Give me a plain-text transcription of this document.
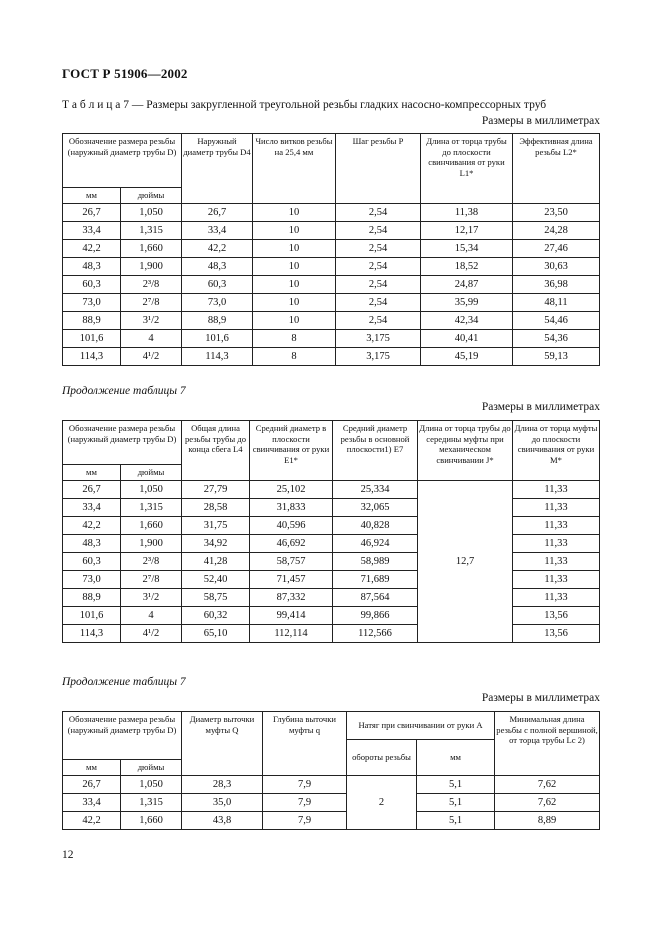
ГОСТ Р 51906—2002
Т а б л и ц а 7 — Размеры закругленной треугольной резьбы гладких насосно-компрессорных труб
Размеры в миллиметрах
Обозначение размера резьбы (наружный диаметр трубы D)		Наружный диаметр трубы D4	Число витков резьбы на 25,4 мм	Шаг резьбы P	Длина от торца трубы до плоскости свинчивания от руки L1*	Эффективная длина резьбы L2*
мм	дюймы					
26,7	1,050	26,7	10	2,54	11,38	23,50
33,4	1,315	33,4	10	2,54	12,17	24,28
42,2	1,660	42,2	10	2,54	15,34	27,46
48,3	1,900	48,3	10	2,54	18,52	30,63
60,3	2³/8	60,3	10	2,54	24,87	36,98
73,0	2⁷/8	73,0	10	2,54	35,99	48,11
88,9	3¹/2	88,9	10	2,54	42,34	54,46
101,6	4	101,6	8	3,175	40,41	54,36
114,3	4¹/2	114,3	8	3,175	45,19	59,13
Продолжение таблицы 7
Размеры в миллиметрах
Обозначение размера резьбы (наружный диаметр трубы D)		Общая длина резьбы трубы до конца сбега L4	Средний диаметр в плоскости свинчивания от руки E1*	Средний диаметр резьбы в основной плоскости1) E7	Длина от торца трубы до середины муфты при механическом свинчивании J*	Длина от торца муфты до плоскости свинчивания от руки M*
мм	дюймы					
26,7	1,050	27,79	25,102	25,334	12,7	11,33
33,4	1,315	28,58	31,833	32,065		11,33
42,2	1,660	31,75	40,596	40,828		11,33
48,3	1,900	34,92	46,692	46,924		11,33
60,3	2³/8	41,28	58,757	58,989		11,33
73,0	2⁷/8	52,40	71,457	71,689		11,33
88,9	3¹/2	58,75	87,332	87,564		11,33
101,6	4	60,32	99,414	99,866		13,56
114,3	4¹/2	65,10	112,114	112,566		13,56
Продолжение таблицы 7
Размеры в миллиметрах
Обозначение размера резьбы (наружный диаметр трубы D)		Диаметр выточки муфты Q	Глубина выточки муфты q	Натяг при свинчивании от руки A		Минимальная длина резьбы с полной вершиной, от торца трубы Lc 2)
				обороты резьбы	мм	
мм	дюймы					
26,7	1,050	28,3	7,9	2	5,1	7,62
33,4	1,315	35,0	7,9		5,1	7,62
42,2	1,660	43,8	7,9		5,1	8,89
12
